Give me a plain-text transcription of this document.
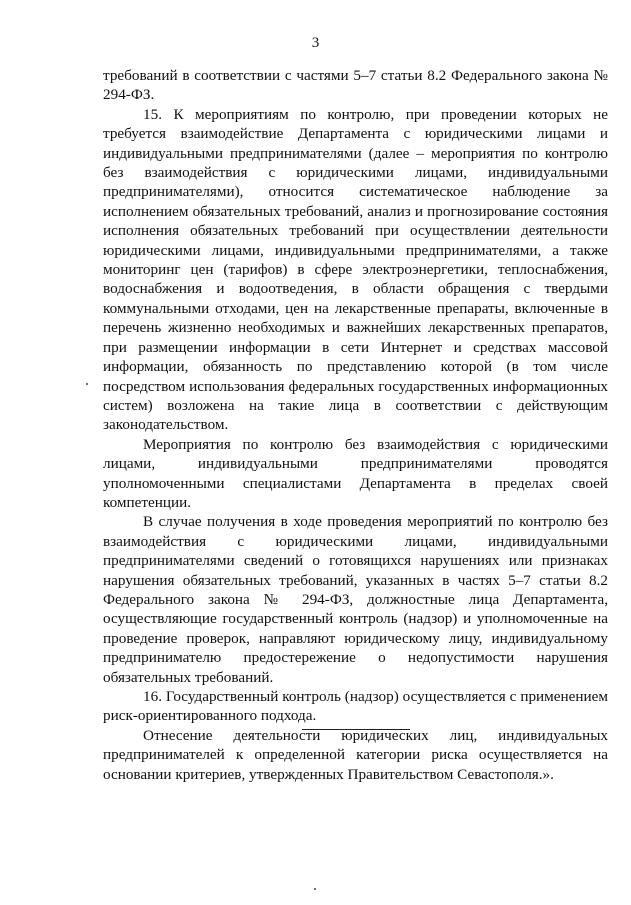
3

требований в соответствии с частями 5–7 статьи 8.2 Федерального закона № 294-ФЗ.

15. К мероприятиям по контролю, при проведении которых не требуется взаимодействие Департамента с юридическими лицами и индивидуальными предпринимателями (далее – мероприятия по контролю без взаимодействия с юридическими лицами, индивидуальными предпринимателями), относится систематическое наблюдение за исполнением обязательных требований, анализ и прогнозирование состояния исполнения обязательных требований при осуществлении деятельности юридическими лицами, индивидуальными предпринимателями, а также мониторинг цен (тарифов) в сфере электроэнергетики, теплоснабжения, водоснабжения и водоотведения, в области обращения с твердыми коммунальными отходами, цен на лекарственные препараты, включенные в перечень жизненно необходимых и важнейших лекарственных препаратов, при размещении информации в сети Интернет и средствах массовой информации, обязанность по представлению которой (в том числе посредством использования федеральных государственных информационных систем) возложена на такие лица в соответствии с действующим законодательством.

Мероприятия по контролю без взаимодействия с юридическими лицами, индивидуальными предпринимателями проводятся уполномоченными специалистами Департамента в пределах своей компетенции.

В случае получения в ходе проведения мероприятий по контролю без взаимодействия с юридическими лицами, индивидуальными предпринимателями сведений о готовящихся нарушениях или признаках нарушения обязательных требований, указанных в частях 5–7 статьи 8.2 Федерального закона № 294-ФЗ, должностные лица Департамента, осуществляющие государственный контроль (надзор) и уполномоченные на проведение проверок, направляют юридическому лицу, индивидуальному предпринимателю предостережение о недопустимости нарушения обязательных требований.

16. Государственный контроль (надзор) осуществляется с применением риск-ориентированного подхода.

Отнесение деятельности юридических лиц, индивидуальных предпринимателей к определенной категории риска осуществляется на основании критериев, утвержденных Правительством Севастополя.».
